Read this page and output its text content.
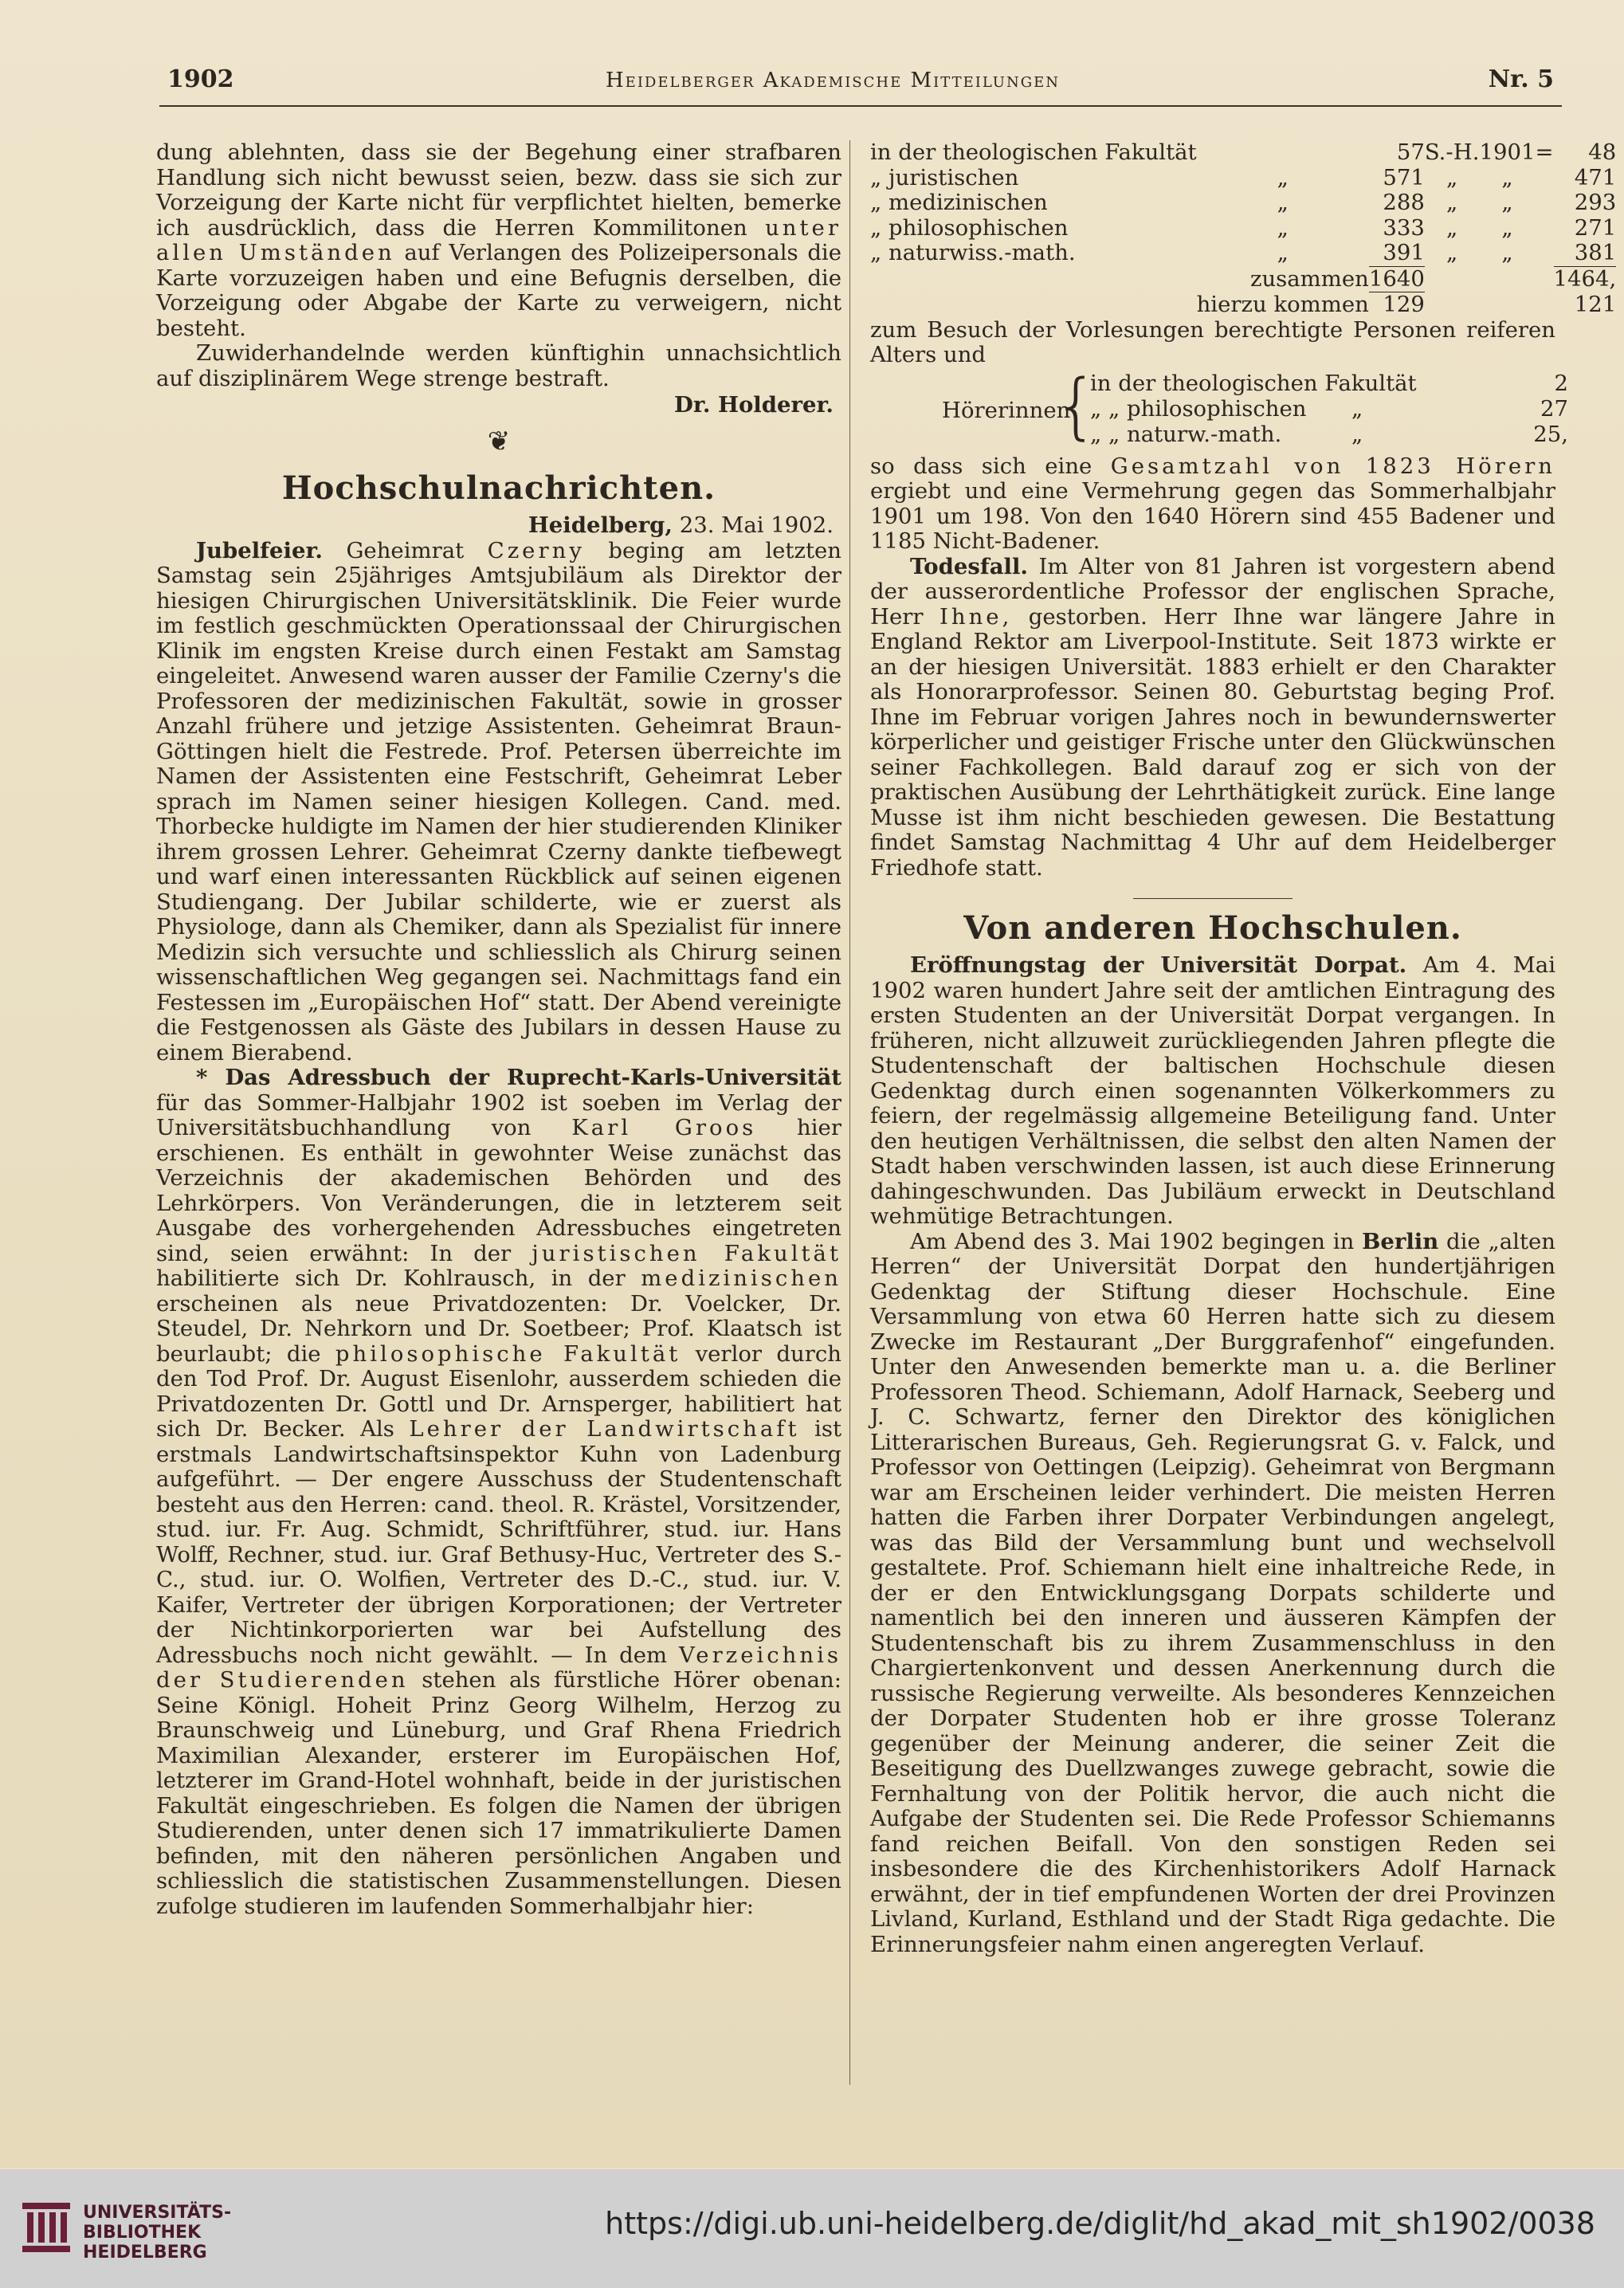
1902	Heidelberger Akademische Mitteilungen	Nr. 5

dung ablehnten, dass sie der Begehung einer strafbaren Handlung sich nicht bewusst seien, bezw. dass sie sich zur Vorzeigung der Karte nicht für verpflichtet hielten, bemerke ich ausdrücklich, dass die Herren Kommilitonen unter allen Umständen auf Verlangen des Polizeipersonals die Karte vorzuzeigen haben und eine Befugnis derselben, die Vorzeigung oder Abgabe der Karte zu verweigern, nicht besteht.

Zuwiderhandelnde werden künftighin unnachsichtlich auf disziplinärem Wege strenge bestraft.

Dr. Holderer.
❦
Hochschulnachrichten.
Heidelberg, 23. Mai 1902.

Jubelfeier. Geheimrat Czerny beging am letzten Samstag sein 25jähriges Amtsjubiläum als Direktor der hiesigen Chirurgischen Universitätsklinik. Die Feier wurde im festlich geschmückten Operationssaal der Chirurgischen Klinik im engsten Kreise durch einen Festakt am Samstag eingeleitet. Anwesend waren ausser der Familie Czerny's die Professoren der medizinischen Fakultät, sowie in grosser Anzahl frühere und jetzige Assistenten. Geheimrat Braun-Göttingen hielt die Festrede. Prof. Petersen überreichte im Namen der Assistenten eine Festschrift, Geheimrat Leber sprach im Namen seiner hiesigen Kollegen. Cand. med. Thorbecke huldigte im Namen der hier studierenden Kliniker ihrem grossen Lehrer. Geheimrat Czerny dankte tiefbewegt und warf einen interessanten Rückblick auf seinen eigenen Studiengang. Der Jubilar schilderte, wie er zuerst als Physiologe, dann als Chemiker, dann als Spezialist für innere Medizin sich versuchte und schliesslich als Chirurg seinen wissenschaftlichen Weg gegangen sei. Nachmittags fand ein Festessen im „Europäischen Hof“ statt. Der Abend vereinigte die Festgenossen als Gäste des Jubilars in dessen Hause zu einem Bierabend.

* Das Adressbuch der Ruprecht-Karls-Universität für das Sommer-Halbjahr 1902 ist soeben im Verlag der Universitätsbuchhandlung von Karl Groos hier erschienen. Es enthält in gewohnter Weise zunächst das Verzeichnis der akademischen Behörden und des Lehrkörpers. Von Veränderungen, die in letzterem seit Ausgabe des vorhergehenden Adressbuches eingetreten sind, seien erwähnt: In der juristischen Fakultät habilitierte sich Dr. Kohlrausch, in der medizinischen erscheinen als neue Privatdozenten: Dr. Voelcker, Dr. Steudel, Dr. Nehrkorn und Dr. Soetbeer; Prof. Klaatsch ist beurlaubt; die philosophische Fakultät verlor durch den Tod Prof. Dr. August Eisenlohr, ausserdem schieden die Privatdozenten Dr. Gottl und Dr. Arnsperger, habilitiert hat sich Dr. Becker. Als Lehrer der Landwirtschaft ist erstmals Landwirtschaftsinspektor Kuhn von Ladenburg aufgeführt. — Der engere Ausschuss der Studentenschaft besteht aus den Herren: cand. theol. R. Krästel, Vorsitzender, stud. iur. Fr. Aug. Schmidt, Schriftführer, stud. iur. Hans Wolff, Rechner, stud. iur. Graf Bethusy-Huc, Vertreter des S.-C., stud. iur. O. Wolfien, Vertreter des D.-C., stud. iur. V. Kaifer, Vertreter der übrigen Korporationen; der Vertreter der Nichtinkorporierten war bei Aufstellung des Adressbuchs noch nicht gewählt. — In dem Verzeichnis der Studierenden stehen als fürstliche Hörer obenan: Seine Königl. Hoheit Prinz Georg Wilhelm, Herzog zu Braunschweig und Lüneburg, und Graf Rhena Friedrich Maximilian Alexander, ersterer im Europäischen Hof, letzterer im Grand-Hotel wohnhaft, beide in der juristischen Fakultät eingeschrieben. Es folgen die Namen der übrigen Studierenden, unter denen sich 17 immatrikulierte Damen befinden, mit den näheren persönlichen Angaben und schliesslich die statistischen Zusammenstellungen. Diesen zufolge studieren im laufenden Sommerhalbjahr hier:

in der theologischen Fakultät		57	S.-H.	1901	=	48
„ juristischen	„	571	„	„		471
„ medizinischen	„	288	„	„		293
„ philosophischen	„	333	„	„		271
„ naturwiss.-math.	„	391	„	„		381
	zusammen	1640				1464,
	hierzu kommen	129				121

zum Besuch der Vorlesungen berechtigte Personen reiferen Alters und

Hörerinnen
{
in der theologischen Fakultät	2
„ „ philosophischen „	27
„ „ naturw.-math.	„	25,

so dass sich eine Gesamtzahl von 1823 Hörern ergiebt und eine Vermehrung gegen das Sommerhalbjahr 1901 um 198. Von den 1640 Hörern sind 455 Badener und 1185 Nicht-Badener.

Todesfall. Im Alter von 81 Jahren ist vorgestern abend der ausserordentliche Professor der englischen Sprache, Herr Ihne, gestorben. Herr Ihne war längere Jahre in England Rektor am Liverpool-Institute. Seit 1873 wirkte er an der hiesigen Universität. 1883 erhielt er den Charakter als Honorarprofessor. Seinen 80. Geburtstag beging Prof. Ihne im Februar vorigen Jahres noch in bewundernswerter körperlicher und geistiger Frische unter den Glückwünschen seiner Fachkollegen. Bald darauf zog er sich von der praktischen Ausübung der Lehrthätigkeit zurück. Eine lange Musse ist ihm nicht beschieden gewesen. Die Bestattung findet Samstag Nachmittag 4 Uhr auf dem Heidelberger Friedhofe statt.

Von anderen Hochschulen.

Eröffnungstag der Universität Dorpat. Am 4. Mai 1902 waren hundert Jahre seit der amtlichen Eintragung des ersten Studenten an der Universität Dorpat vergangen. In früheren, nicht allzuweit zurückliegenden Jahren pflegte die Studentenschaft der baltischen Hochschule diesen Gedenktag durch einen sogenannten Völkerkommers zu feiern, der regelmässig allgemeine Beteiligung fand. Unter den heutigen Verhältnissen, die selbst den alten Namen der Stadt haben verschwinden lassen, ist auch diese Erinnerung dahingeschwunden. Das Jubiläum erweckt in Deutschland wehmütige Betrachtungen.

Am Abend des 3. Mai 1902 begingen in Berlin die „alten Herren“ der Universität Dorpat den hundertjährigen Gedenktag der Stiftung dieser Hochschule. Eine Versammlung von etwa 60 Herren hatte sich zu diesem Zwecke im Restaurant „Der Burggrafenhof“ eingefunden. Unter den Anwesenden bemerkte man u. a. die Berliner Professoren Theod. Schiemann, Adolf Harnack, Seeberg und J. C. Schwartz, ferner den Direktor des königlichen Litterarischen Bureaus, Geh. Regierungsrat G. v. Falck, und Professor von Oettingen (Leipzig). Geheimrat von Bergmann war am Erscheinen leider verhindert. Die meisten Herren hatten die Farben ihrer Dorpater Verbindungen angelegt, was das Bild der Versammlung bunt und wechselvoll gestaltete. Prof. Schiemann hielt eine inhaltreiche Rede, in der er den Entwicklungsgang Dorpats schilderte und namentlich bei den inneren und äusseren Kämpfen der Studentenschaft bis zu ihrem Zusammenschluss in den Chargiertenkonvent und dessen Anerkennung durch die russische Regierung verweilte. Als besonderes Kennzeichen der Dorpater Studenten hob er ihre grosse Toleranz gegenüber der Meinung anderer, die seiner Zeit die Beseitigung des Duellzwanges zuwege gebracht, sowie die Fernhaltung von der Politik hervor, die auch nicht die Aufgabe der Studenten sei. Die Rede Professor Schiemanns fand reichen Beifall. Von den sonstigen Reden sei insbesondere die des Kirchenhistorikers Adolf Harnack erwähnt, der in tief empfundenen Worten der drei Provinzen Livland, Kurland, Esthland und der Stadt Riga gedachte. Die Erinnerungsfeier nahm einen angeregten Verlauf.

UNIVERSITÄTS-
BIBLIOTHEK
HEIDELBERG
https://digi.ub.uni-heidelberg.de/diglit/hd_akad_mit_sh1902/0038
